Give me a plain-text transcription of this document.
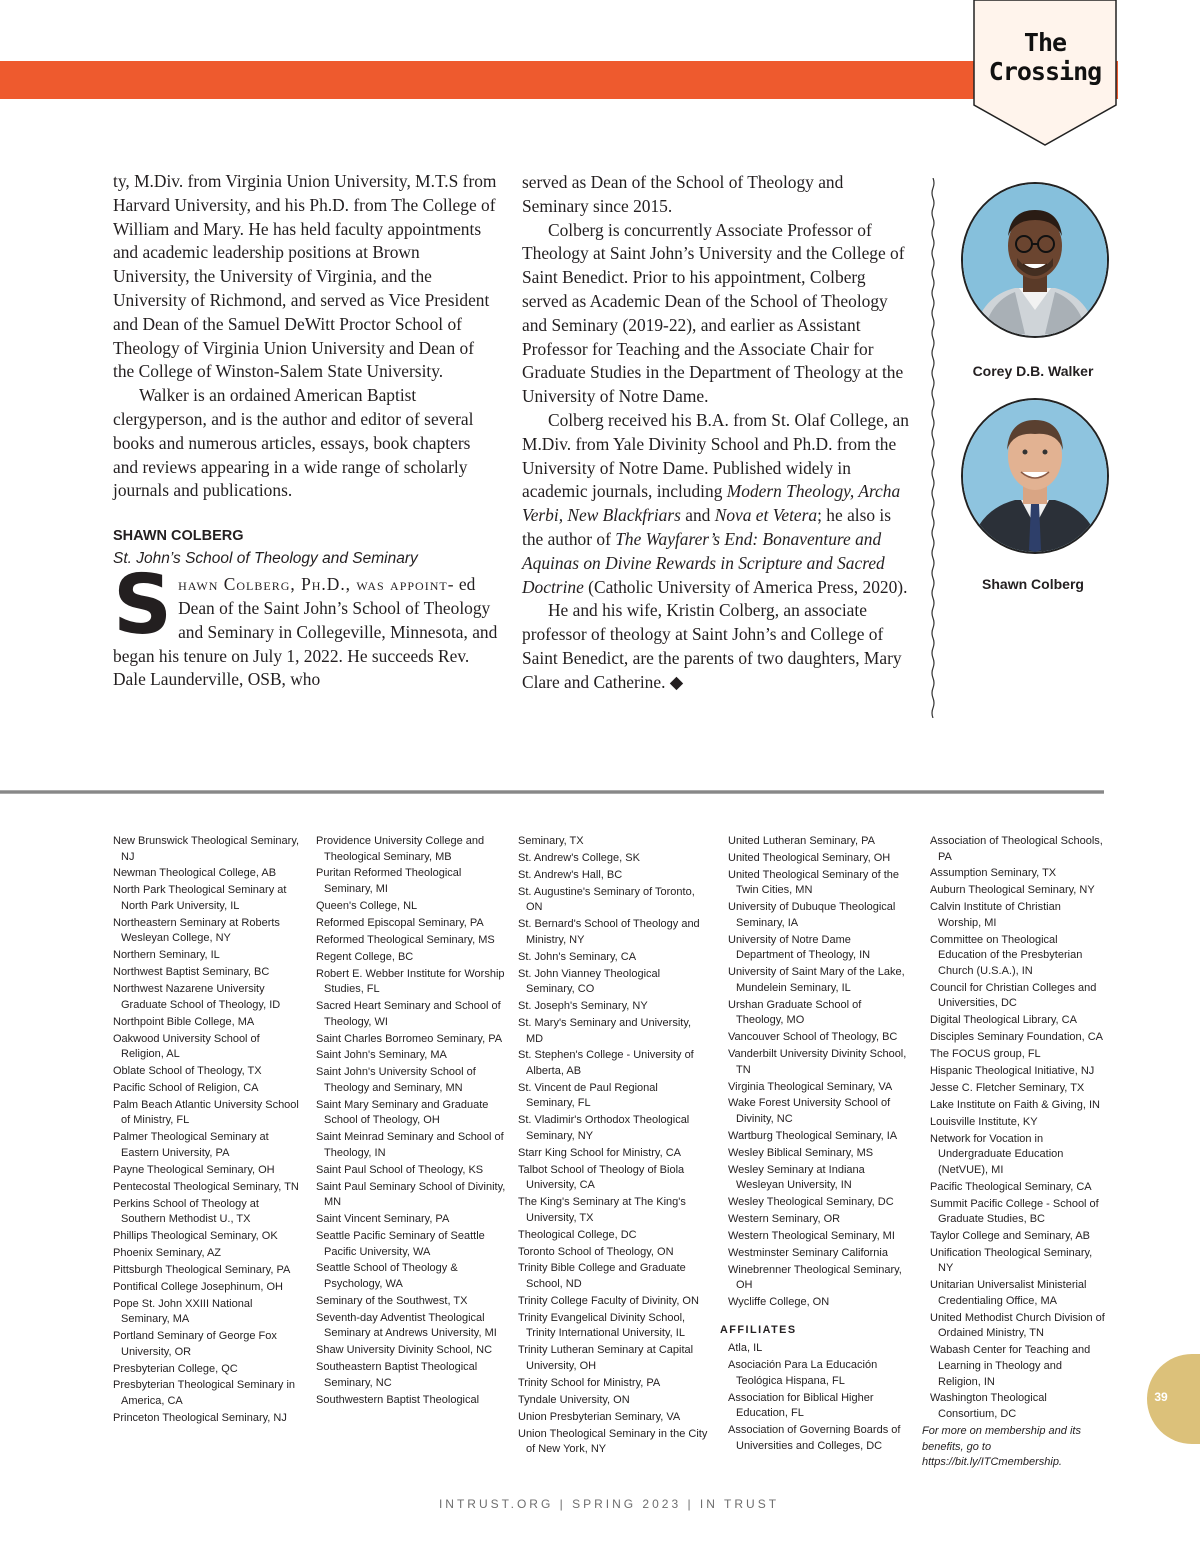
The
Crossing

ty, M.Div. from Virginia Union University, M.T.S from Harvard University, and his Ph.D. from The College of William and Mary. He has held faculty appointments and academic leadership positions at Brown University, the University of Virginia, and the University of Richmond, and served as Vice President and Dean of the Samuel DeWitt Proctor School of Theology of Virginia Union University and Dean of the College of Winston-Salem State University.

Walker is an ordained American Baptist clergyperson, and is the author and editor of several books and numerous articles, essays, book chapters and reviews appearing in a wide range of scholarly journals and publications.

SHAWN COLBERG

St. John’s School of Theology and Seminary

Shawn Colberg, Ph.D., was appoint- ed Dean of the Saint John’s School of Theology and Seminary in Collegeville, Minnesota, and began his tenure on July 1, 2022. He succeeds Rev. Dale Launderville, OSB, who

served as Dean of the School of Theology and Seminary since 2015.

Colberg is concurrently Associate Professor of Theology at Saint John’s University and the College of Saint Benedict. Prior to his appointment, Colberg served as Academic Dean of the School of Theology and Seminary (2019-22), and earlier as Assistant Professor for Teaching and the Associate Chair for Graduate Studies in the Department of Theology at the University of Notre Dame.

Colberg received his B.A. from St. Olaf College, an M.Div. from Yale Divinity School and Ph.D. from the University of Notre Dame. Published widely in academic journals, including Modern Theology, Archa Verbi, New Blackfriars and Nova et Vetera; he also is the author of The Wayfarer’s End: Bonaventure and Aquinas on Divine Rewards in Scripture and Sacred Doctrine (Catholic University of America Press, 2020).

He and his wife, Kristin Colberg, an associate professor of theology at Saint John’s and College of Saint Benedict, are the parents of two daughters, Mary Clare and Catherine. ◆

Corey D.B. Walker
Shawn Colberg
New Brunswick Theological Seminary, NJ
Newman Theological College, AB
North Park Theological Seminary at North Park University, IL
Northeastern Seminary at Roberts Wesleyan College, NY
Northern Seminary, IL
Northwest Baptist Seminary, BC
Northwest Nazarene University Graduate School of Theology, ID
Northpoint Bible College, MA
Oakwood University School of Religion, AL
Oblate School of Theology, TX
Pacific School of Religion, CA
Palm Beach Atlantic University School of Ministry, FL
Palmer Theological Seminary at Eastern University, PA
Payne Theological Seminary, OH
Pentecostal Theological Seminary, TN
Perkins School of Theology at Southern Methodist U., TX
Phillips Theological Seminary, OK
Phoenix Seminary, AZ
Pittsburgh Theological Seminary, PA
Pontifical College Josephinum, OH
Pope St. John XXIII National Seminary, MA
Portland Seminary of George Fox University, OR
Presbyterian College, QC
Presbyterian Theological Seminary in America, CA
Princeton Theological Seminary, NJ
Providence University College and Theological Seminary, MB
Puritan Reformed Theological Seminary, MI
Queen's College, NL
Reformed Episcopal Seminary, PA
Reformed Theological Seminary, MS
Regent College, BC
Robert E. Webber Institute for Worship Studies, FL
Sacred Heart Seminary and School of Theology, WI
Saint Charles Borromeo Seminary, PA
Saint John's Seminary, MA
Saint John's University School of Theology and Seminary, MN
Saint Mary Seminary and Graduate School of Theology, OH
Saint Meinrad Seminary and School of Theology, IN
Saint Paul School of Theology, KS
Saint Paul Seminary School of Divinity, MN
Saint Vincent Seminary, PA
Seattle Pacific Seminary of Seattle Pacific University, WA
Seattle School of Theology & Psychology, WA
Seminary of the Southwest, TX
Seventh-day Adventist Theological Seminary at Andrews University, MI
Shaw University Divinity School, NC
Southeastern Baptist Theological Seminary, NC
Southwestern Baptist Theological
Seminary, TX
St. Andrew's College, SK
St. Andrew's Hall, BC
St. Augustine's Seminary of Toronto, ON
St. Bernard's School of Theology and Ministry, NY
St. John's Seminary, CA
St. John Vianney Theological Seminary, CO
St. Joseph's Seminary, NY
St. Mary's Seminary and University, MD
St. Stephen's College - University of Alberta, AB
St. Vincent de Paul Regional Seminary, FL
St. Vladimir's Orthodox Theological Seminary, NY
Starr King School for Ministry, CA
Talbot School of Theology of Biola University, CA
The King's Seminary at The King's University, TX
Theological College, DC
Toronto School of Theology, ON
Trinity Bible College and Graduate School, ND
Trinity College Faculty of Divinity, ON
Trinity Evangelical Divinity School, Trinity International University, IL
Trinity Lutheran Seminary at Capital University, OH
Trinity School for Ministry, PA
Tyndale University, ON
Union Presbyterian Seminary, VA
Union Theological Seminary in the City of New York, NY
United Lutheran Seminary, PA
United Theological Seminary, OH
United Theological Seminary of the Twin Cities, MN
University of Dubuque Theological Seminary, IA
University of Notre Dame Department of Theology, IN
University of Saint Mary of the Lake, Mundelein Seminary, IL
Urshan Graduate School of Theology, MO
Vancouver School of Theology, BC
Vanderbilt University Divinity School, TN
Virginia Theological Seminary, VA
Wake Forest University School of Divinity, NC
Wartburg Theological Seminary, IA
Wesley Biblical Seminary, MS
Wesley Seminary at Indiana Wesleyan University, IN
Wesley Theological Seminary, DC
Western Seminary, OR
Western Theological Seminary, MI
Westminster Seminary California
Winebrenner Theological Seminary, OH
Wycliffe College, ON
AFFILIATES
Atla, IL
Asociación Para La Educación Teológica Hispana, FL
Association for Biblical Higher Education, FL
Association of Governing Boards of Universities and Colleges, DC
Association of Theological Schools, PA
Assumption Seminary, TX
Auburn Theological Seminary, NY
Calvin Institute of Christian Worship, MI
Committee on Theological Education of the Presbyterian Church (U.S.A.), IN
Council for Christian Colleges and Universities, DC
Digital Theological Library, CA
Disciples Seminary Foundation, CA
The FOCUS group, FL
Hispanic Theological Initiative, NJ
Jesse C. Fletcher Seminary, TX
Lake Institute on Faith & Giving, IN
Louisville Institute, KY
Network for Vocation in Undergraduate Education (NetVUE), MI
Pacific Theological Seminary, CA
Summit Pacific College - School of Graduate Studies, BC
Taylor College and Seminary, AB
Unification Theological Seminary, NY
Unitarian Universalist Ministerial Credentialing Office, MA
United Methodist Church Division of Ordained Ministry, TN
Wabash Center for Teaching and Learning in Theology and Religion, IN
Washington Theological Consortium, DC
For more on membership and its benefits, go to https://bit.ly/ITCmembership.
39
INTRUST.ORG | SPRING 2023 | IN TRUST
